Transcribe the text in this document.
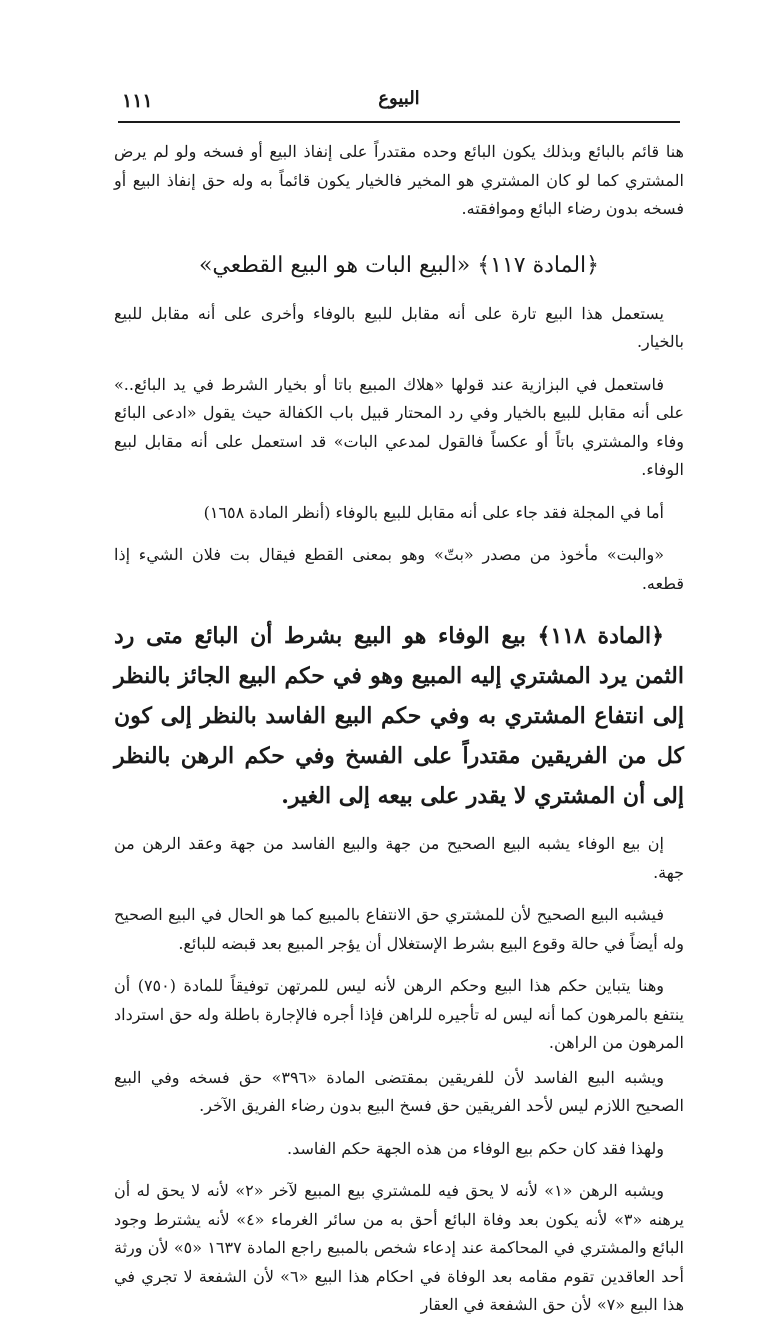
١١١	البيوع

هنا قائم بالبائع وبذلك يكون البائع وحده مقتدراً على إنفاذ البيع أو فسخه ولو لم يرض المشتري كما لو كان المشتري هو المخير فالخيار يكون قائماً به وله حق إنفاذ البيع أو فسخه بدون رضاء البائع وموافقته.

﴿المادة ١١٧﴾ «البيع البات هو البيع القطعي»

يستعمل هذا البيع تارة على أنه مقابل للبيع بالوفاء وأخرى على أنه مقابل للبيع بالخيار.

فاستعمل في البزازية عند قولها «هلاك المبيع باتا أو بخيار الشرط في يد البائع..» على أنه مقابل للبيع بالخيار وفي رد المحتار قبيل باب الكفالة حيث يقول «ادعى البائع وفاء والمشتري باتاً أو عكساً فالقول لمدعي البات» قد استعمل على أنه مقابل لبيع الوفاء.

أما في المجلة فقد جاء على أنه مقابل للبيع بالوفاء (أنظر المادة ١٦٥٨)

«والبت» مأخوذ من مصدر «بتّ» وهو بمعنى القطع فيقال بت فلان الشيء إذا قطعه.

﴿المادة ١١٨﴾ بيع الوفاء هو البيع بشرط أن البائع متى رد الثمن يرد المشتري إليه المبيع وهو في حكم البيع الجائز بالنظر إلى انتفاع المشتري به وفي حكم البيع الفاسد بالنظر إلى كون كل من الفريقين مقتدراً على الفسخ وفي حكم الرهن بالنظر إلى أن المشتري لا يقدر على بيعه إلى الغير.

إن بيع الوفاء يشبه البيع الصحيح من جهة والبيع الفاسد من جهة وعقد الرهن من جهة.

فيشبه البيع الصحيح لأن للمشتري حق الانتفاع بالمبيع كما هو الحال في البيع الصحيح وله أيضاً في حالة وقوع البيع بشرط الإستغلال أن يؤجر المبيع بعد قبضه للبائع.

وهنا يتباين حكم هذا البيع وحكم الرهن لأنه ليس للمرتهن توفيقاً للمادة (٧٥٠) أن ينتفع بالمرهون كما أنه ليس له تأجيره للراهن فإذا أجره فالإجارة باطلة وله حق استرداد المرهون من الراهن.

ويشبه البيع الفاسد لأن للفريقين بمقتضى المادة «٣٩٦» حق فسخه وفي البيع الصحيح اللازم ليس لأحد الفريقين حق فسخ البيع بدون رضاء الفريق الآخر.

ولهذا فقد كان حكم بيع الوفاء من هذه الجهة حكم الفاسد.

ويشبه الرهن «١» لأنه لا يحق فيه للمشتري بيع المبيع لآخر «٢» لأنه لا يحق له أن يرهنه «٣» لأنه يكون بعد وفاة البائع أحق به من سائر الغرماء «٤» لأنه يشترط وجود البائع والمشتري في المحاكمة عند إدعاء شخص بالمبيع راجع المادة ١٦٣٧ «٥» لأن ورثة أحد العاقدين تقوم مقامه بعد الوفاة في احكام هذا البيع «٦» لأن الشفعة لا تجري في هذا البيع «٧» لأن حق الشفعة في العقار
